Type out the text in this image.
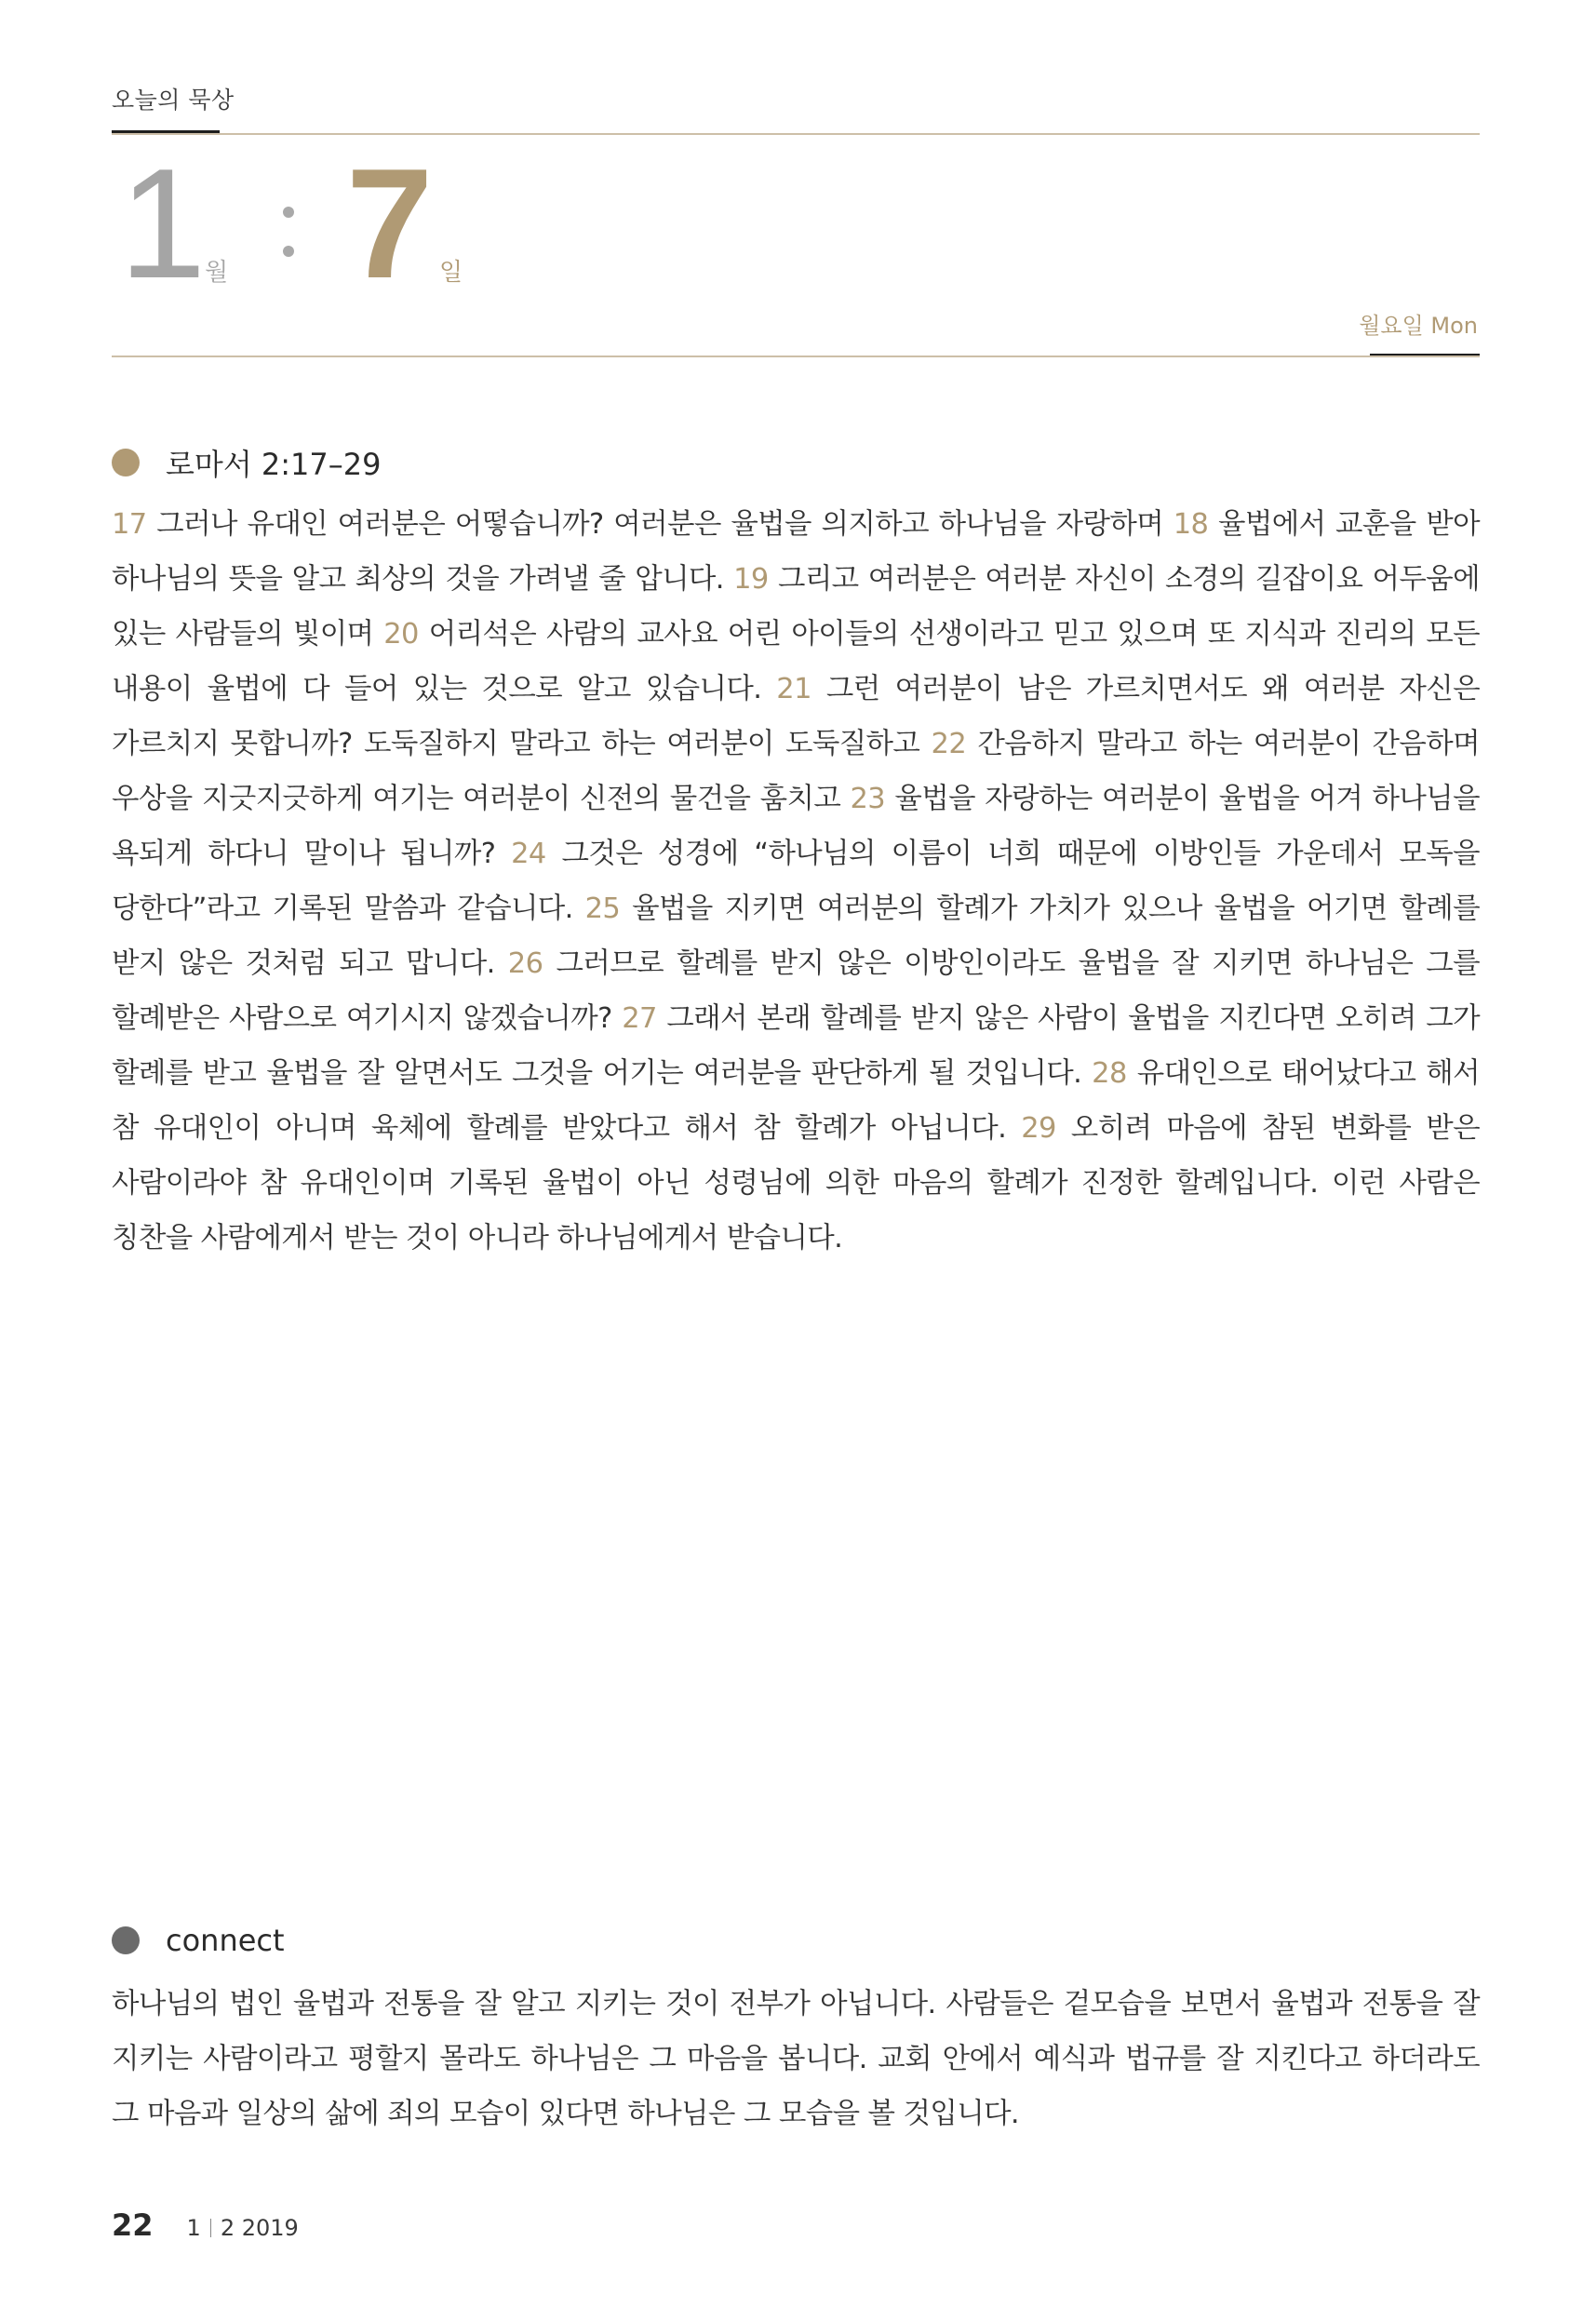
오늘의 묵상
1
월 7 일
월요일 Mon
로마서 2:17–29
17 그러나 유대인 여러분은 어떻습니까? 여러분은 율법을 의지하고 하나님을 자랑하며 18 율법에서 교훈을 받아 하나님의 뜻을 알고 최상의 것을 가려낼 줄 압니다. 19 그리고 여러분은 여러분 자신이 소경의 길잡이요 어두움에 있는 사람들의 빛이며 20 어리석은 사람의 교사요 어린 아이들의 선생이라고 믿고 있으며 또 지식과 진리의 모든 내용이 율법에 다 들어 있는 것으로 알고 있습니다. 21 그런 여러분이 남은 가르치면서도 왜 여러분 자신은 가르치지 못합니까? 도둑질하지 말라고 하는 여러분이 도둑질하고 22 간음하지 말라고 하는 여러분이 간음하며 우상을 지긋지긋하게 여기는 여러분이 신전의 물건을 훔치고 23 율법을 자랑하는 여러분이 율법을 어겨 하나님을 욕되게 하다니 말이나 됩니까? 24 그것은 성경에 “하나님의 이름이 너희 때문에 이방인들 가운데서 모독을 당한다”라고 기록된 말씀과 같습니다. 25 율법을 지키면 여러분의 할례가 가치가 있으나 율법을 어기면 할례를 받지 않은 것처럼 되고 맙니다. 26 그러므로 할례를 받지 않은 이방인이라도 율법을 잘 지키면 하나님은 그를 할례받은 사람으로 여기시지 않겠습니까? 27 그래서 본래 할례를 받지 않은 사람이 율법을 지킨다면 오히려 그가 할례를 받고 율법을 잘 알면서도 그것을 어기는 여러분을 판단하게 될 것입니다. 28 유대인으로 태어났다고 해서 참 유대인이 아니며 육체에 할례를 받았다고 해서 참 할례가 아닙니다. 29 오히려 마음에 참된 변화를 받은 사람이라야 참 유대인이며 기록된 율법이 아닌 성령님에 의한 마음의 할례가 진정한 할례입니다. 이런 사람은 칭찬을 사람에게서 받는 것이 아니라 하나님에게서 받습니다.
connect
하나님의 법인 율법과 전통을 잘 알고 지키는 것이 전부가 아닙니다. 사람들은 겉모습을 보면서 율법과 전통을 잘 지키는 사람이라고 평할지 몰라도 하나님은 그 마음을 봅니다. 교회 안에서 예식과 법규를 잘 지킨다고 하더라도 그 마음과 일상의 삶에 죄의 모습이 있다면 하나님은 그 모습을 볼 것입니다.
22 1 2 2019
